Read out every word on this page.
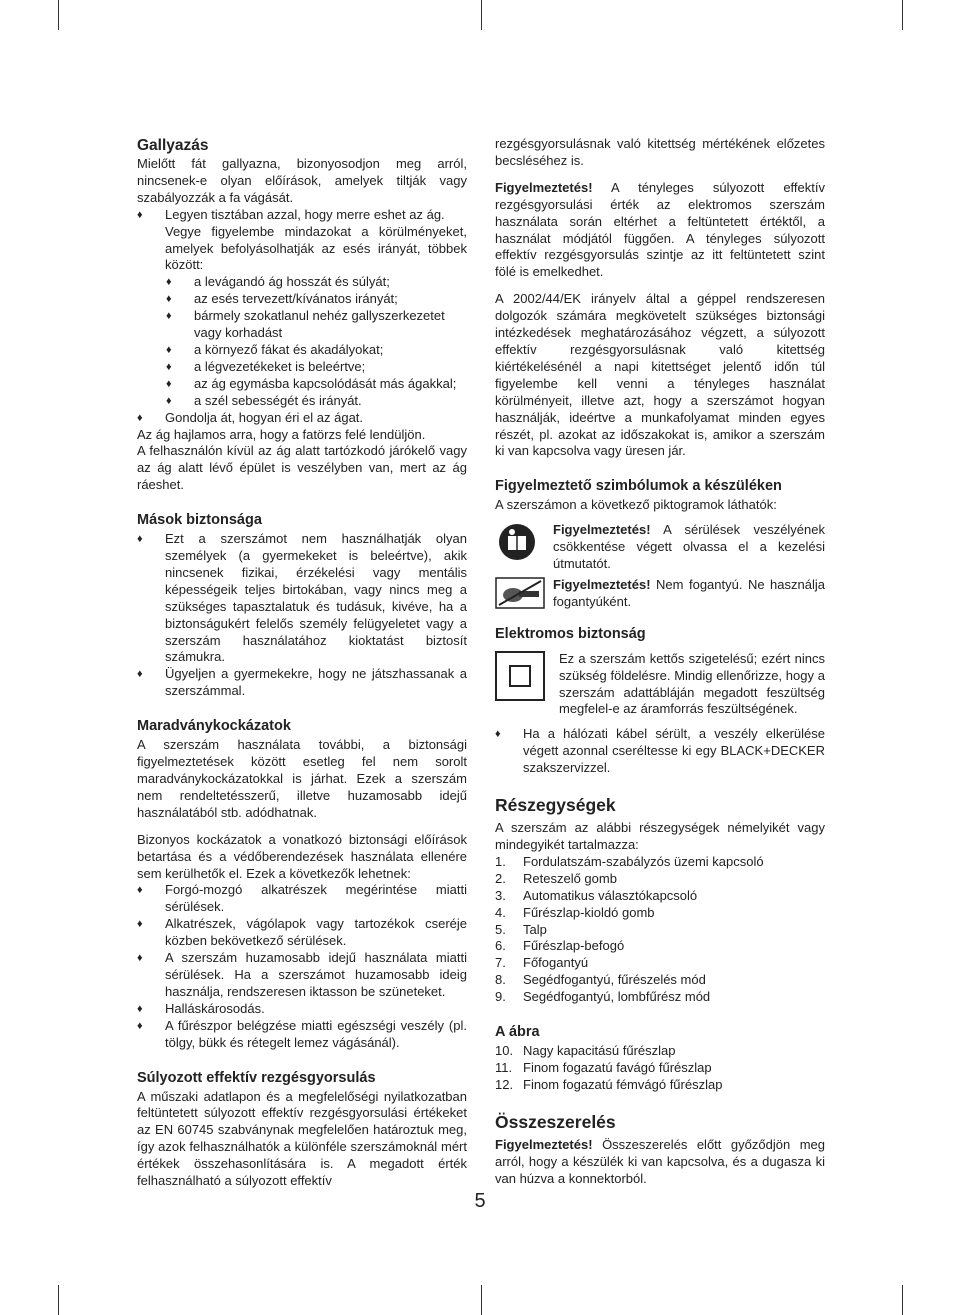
Gallyazás

Mielőtt fát gallyazna, bizonyosodjon meg arról, nincsenek-e olyan előírások, amelyek tiltják vagy szabályozzák a fa vágását.

♦ Legyen tisztában azzal, hogy merre eshet az ág.

Vegye figyelembe mindazokat a körülményeket, amelyek befolyásolhatják az esés irányát, többek között:

♦ a levágandó ág hosszát és súlyát;
♦ az esés tervezett/kívánatos irányát;
♦ bármely szokatlanul nehéz gallyszerkezetet vagy korhadást
♦ a környező fákat és akadályokat;
♦ a légvezetékeket is beleértve;
♦ az ág egymásba kapcsolódását más ágakkal;
♦ a szél sebességét és irányát.
♦ Gondolja át, hogyan éri el az ágat.

Az ág hajlamos arra, hogy a fatörzs felé lendüljön.

A felhasználón kívül az ág alatt tartózkodó járókelő vagy az ág alatt lévő épület is veszélyben van, mert az ág ráeshet.

Mások biztonsága
♦ Ezt a szerszámot nem használhatják olyan személyek (a gyermekeket is beleértve), akik nincsenek fizikai, érzékelési vagy mentális képességeik teljes birtokában, vagy nincs meg a szükséges tapasztalatuk és tudásuk, kivéve, ha a biztonságukért felelős személy felügyeletet vagy a szerszám használatához kioktatást biztosít számukra.
♦ Ügyeljen a gyermekekre, hogy ne játszhassanak a szerszámmal.
Maradványkockázatok

A szerszám használata további, a biztonsági figyelmeztetések között esetleg fel nem sorolt maradványkockázatokkal is járhat. Ezek a szerszám nem rendeltetésszerű, illetve huzamosabb idejű használatából stb. adódhatnak.

Bizonyos kockázatok a vonatkozó biztonsági előírások betartása és a védőberendezések használata ellenére sem kerülhetők el. Ezek a következők lehetnek:

♦ Forgó-mozgó alkatrészek megérintése miatti sérülések.
♦ Alkatrészek, vágólapok vagy tartozékok cseréje közben bekövetkező sérülések.
♦ A szerszám huzamosabb idejű használata miatti sérülések. Ha a szerszámot huzamosabb ideig használja, rendszeresen iktasson be szüneteket.
♦ Halláskárosodás.
♦ A fűrészpor belégzése miatti egészségi veszély (pl. tölgy, bükk és rétegelt lemez vágásánál).
Súlyozott effektív rezgésgyorsulás

A műszaki adatlapon és a megfelelőségi nyilatkozatban feltüntetett súlyozott effektív rezgésgyorsulási értékeket az EN 60745 szabványnak megfelelően határoztuk meg, így azok felhasználhatók a különféle szerszámoknál mért értékek összehasonlítására is. A megadott érték felhasználható a súlyozott effektív

rezgésgyorsulásnak való kitettség mértékének előzetes becsléséhez is.

Figyelmeztetés! A tényleges súlyozott effektív rezgésgyorsulási érték az elektromos szerszám használata során eltérhet a feltüntetett értéktől, a használat módjától függően. A tényleges súlyozott effektív rezgésgyorsulás szintje az itt feltüntetett szint fölé is emelkedhet.

A 2002/44/EK irányelv által a géppel rendszeresen dolgozók számára megkövetelt szükséges biztonsági intézkedések meghatározásához végzett, a súlyozott effektív rezgésgyorsulásnak való kitettség kiértékelésénél a napi kitettséget jelentő időn túl figyelembe kell venni a tényleges használat körülményeit, illetve azt, hogy a szerszámot hogyan használják, ideértve a munkafolyamat minden egyes részét, pl. azokat az időszakokat is, amikor a szerszám ki van kapcsolva vagy üresen jár.

Figyelmeztető szimbólumok a készüléken

A szerszámon a következő piktogramok láthatók:

Figyelmeztetés! A sérülések veszélyének csökkentése végett olvassa el a kezelési útmutatót.
Figyelmeztetés! Nem fogantyú. Ne használja fogantyúként.
Elektromos biztonság
Ez a szerszám kettős szigetelésű; ezért nincs szükség földelésre. Mindig ellenőrizze, hogy a szerszám adattábláján megadott feszültség megfelel-e az áramforrás feszültségének.
♦ Ha a hálózati kábel sérült, a veszély elkerülése végett azonnal cseréltesse ki egy BLACK+DECKER szakszervizzel.
Részegységek

A szerszám az alábbi részegységek némelyikét vagy mindegyikét tartalmazza:

1. Fordulatszám-szabályzós üzemi kapcsoló
2. Reteszelő gomb
3. Automatikus választókapcsoló
4. Fűrészlap-kioldó gomb
5. Talp
6. Fűrészlap-befogó
7. Főfogantyú
8. Segédfogantyú, fűrészelés mód
9. Segédfogantyú, lombfűrész mód
A ábra
10. Nagy kapacitású fűrészlap
11. Finom fogazatú favágó fűrészlap
12. Finom fogazatú fémvágó fűrészlap
Összeszerelés

Figyelmeztetés! Összeszerelés előtt győződjön meg arról, hogy a készülék ki van kapcsolva, és a dugasza ki van húzva a konnektorból.

5
